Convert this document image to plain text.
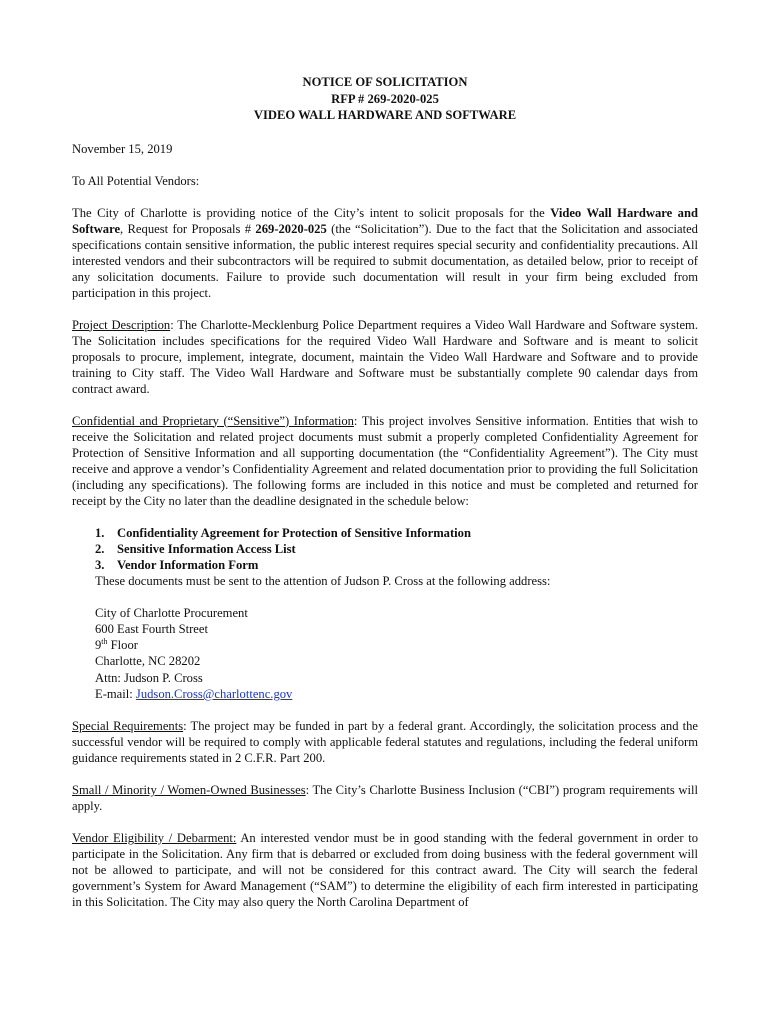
NOTICE OF SOLICITATION
RFP # 269-2020-025
VIDEO WALL HARDWARE AND SOFTWARE

November 15, 2019

To All Potential Vendors:

The City of Charlotte is providing notice of the City’s intent to solicit proposals for the Video Wall Hardware and Software, Request for Proposals # 269-2020-025 (the “Solicitation”). Due to the fact that the Solicitation and associated specifications contain sensitive information, the public interest requires special security and confidentiality precautions. All interested vendors and their subcontractors will be required to submit documentation, as detailed below, prior to receipt of any solicitation documents. Failure to provide such documentation will result in your firm being excluded from participation in this project.

Project Description: The Charlotte-Mecklenburg Police Department requires a Video Wall Hardware and Software system. The Solicitation includes specifications for the required Video Wall Hardware and Software and is meant to solicit proposals to procure, implement, integrate, document, maintain the Video Wall Hardware and Software and to provide training to City staff. The Video Wall Hardware and Software must be substantially complete 90 calendar days from contract award.

Confidential and Proprietary (“Sensitive”) Information: This project involves Sensitive information. Entities that wish to receive the Solicitation and related project documents must submit a properly completed Confidentiality Agreement for Protection of Sensitive Information and all supporting documentation (the “Confidentiality Agreement”). The City must receive and approve a vendor’s Confidentiality Agreement and related documentation prior to providing the full Solicitation (including any specifications). The following forms are included in this notice and must be completed and returned for receipt by the City no later than the deadline designated in the schedule below:

1. Confidentiality Agreement for Protection of Sensitive Information
2. Sensitive Information Access List
3. Vendor Information Form

These documents must be sent to the attention of Judson P. Cross at the following address:

City of Charlotte Procurement
600 East Fourth Street
9th Floor
Charlotte, NC 28202
Attn: Judson P. Cross
E-mail: Judson.Cross@charlottenc.gov

Special Requirements: The project may be funded in part by a federal grant. Accordingly, the solicitation process and the successful vendor will be required to comply with applicable federal statutes and regulations, including the federal uniform guidance requirements stated in 2 C.F.R. Part 200.

Small / Minority / Women-Owned Businesses: The City’s Charlotte Business Inclusion (“CBI”) program requirements will apply.

Vendor Eligibility / Debarment: An interested vendor must be in good standing with the federal government in order to participate in the Solicitation. Any firm that is debarred or excluded from doing business with the federal government will not be allowed to participate, and will not be considered for this contract award. The City will search the federal government’s System for Award Management (“SAM”) to determine the eligibility of each firm interested in participating in this Solicitation. The City may also query the North Carolina Department of
